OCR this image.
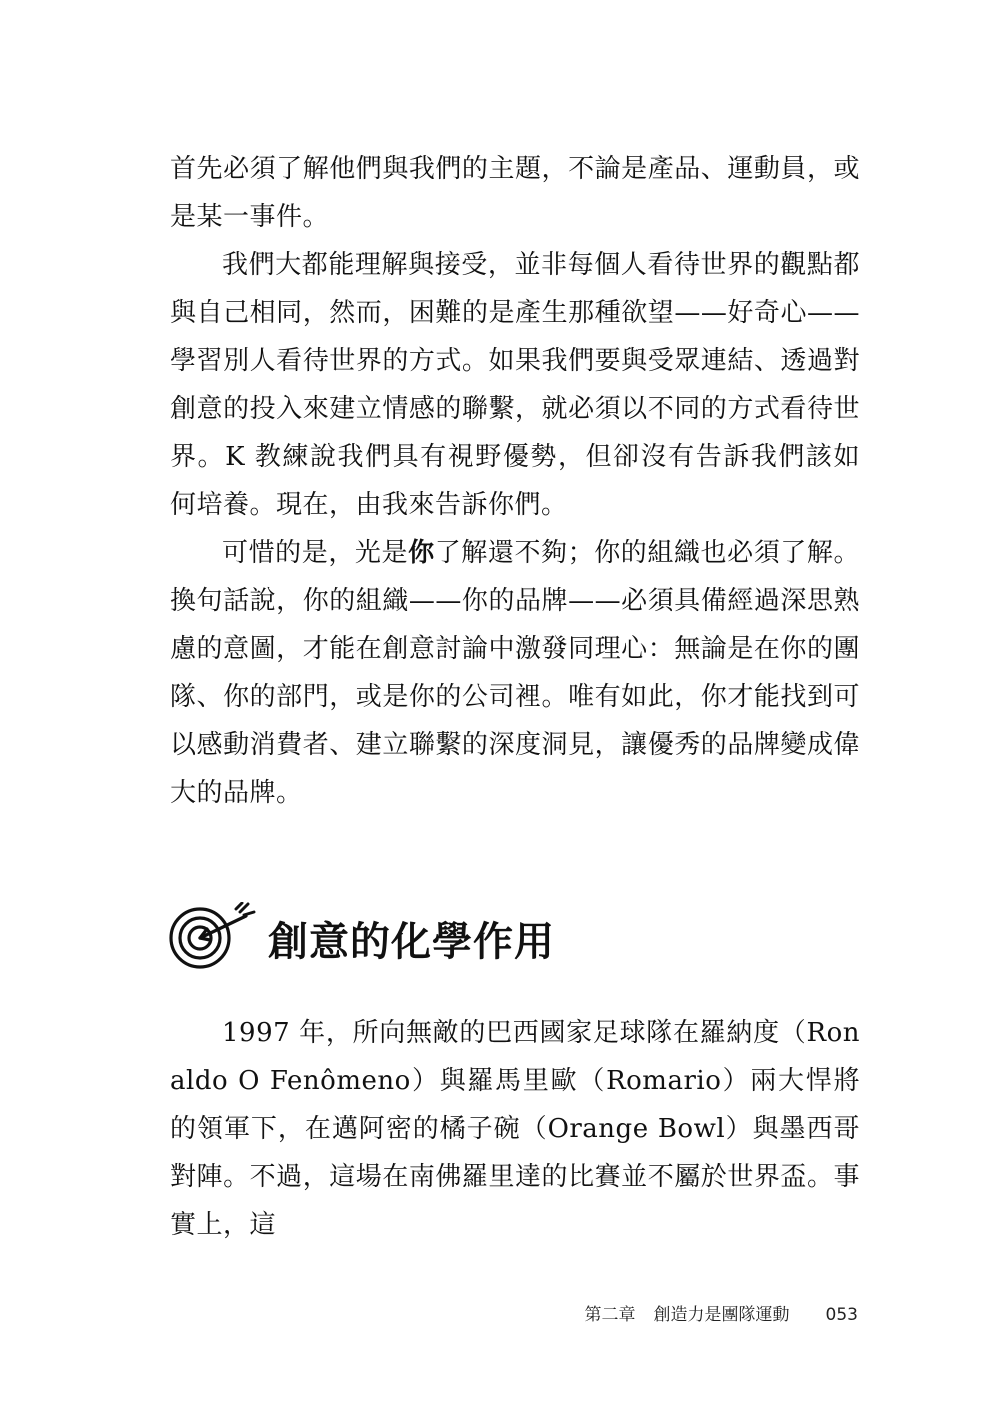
首先必須了解他們與我們的主題，不論是產品、運動員，或是某一事件。

我們大都能理解與接受，並非每個人看待世界的觀點都與自己相同，然而，困難的是產生那種欲望——好奇心——學習別人看待世界的方式。如果我們要與受眾連結、透過對創意的投入來建立情感的聯繫，就必須以不同的方式看待世界。K 教練說我們具有視野優勢，但卻沒有告訴我們該如何培養。現在，由我來告訴你們。

可惜的是，光是你了解還不夠；你的組織也必須了解。換句話說，你的組織——你的品牌——必須具備經過深思熟慮的意圖，才能在創意討論中激發同理心：無論是在你的團隊、你的部門，或是你的公司裡。唯有如此，你才能找到可以感動消費者、建立聯繫的深度洞見，讓優秀的品牌變成偉大的品牌。

創意的化學作用

1997 年，所向無敵的巴西國家足球隊在羅納度（Ronaldo O Fenômeno）與羅馬里歐（Romario）兩大悍將的領軍下，在邁阿密的橘子碗（Orange Bowl）與墨西哥對陣。不過，這場在南佛羅里達的比賽並不屬於世界盃。事實上，這

第二章 創造力是團隊運動 053
